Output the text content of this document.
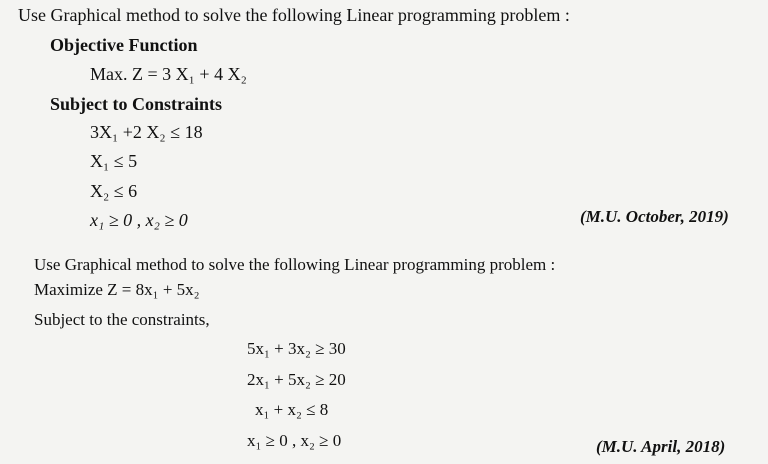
Use Graphical method to solve the following Linear programming problem :
Objective Function
Max. Z = 3 X₁ + 4 X₂
Subject to Constraints
3X₁ +2 X₂ ≤ 18
X₁ ≤ 5
X₂ ≤ 6
x₁ ≥ 0 , x₂ ≥ 0	(M.U. October, 2019)
Use Graphical method to solve the following Linear programming problem :
Maximize Z = 8x₁ + 5x₂
Subject to the constraints,
5x₁ + 3x₂ ≥ 30
2x₁ + 5x₂ ≥ 20
x₁ + x₂ ≤ 8
x₁ ≥ 0 , x₂ ≥ 0	(M.U. April, 2018)
